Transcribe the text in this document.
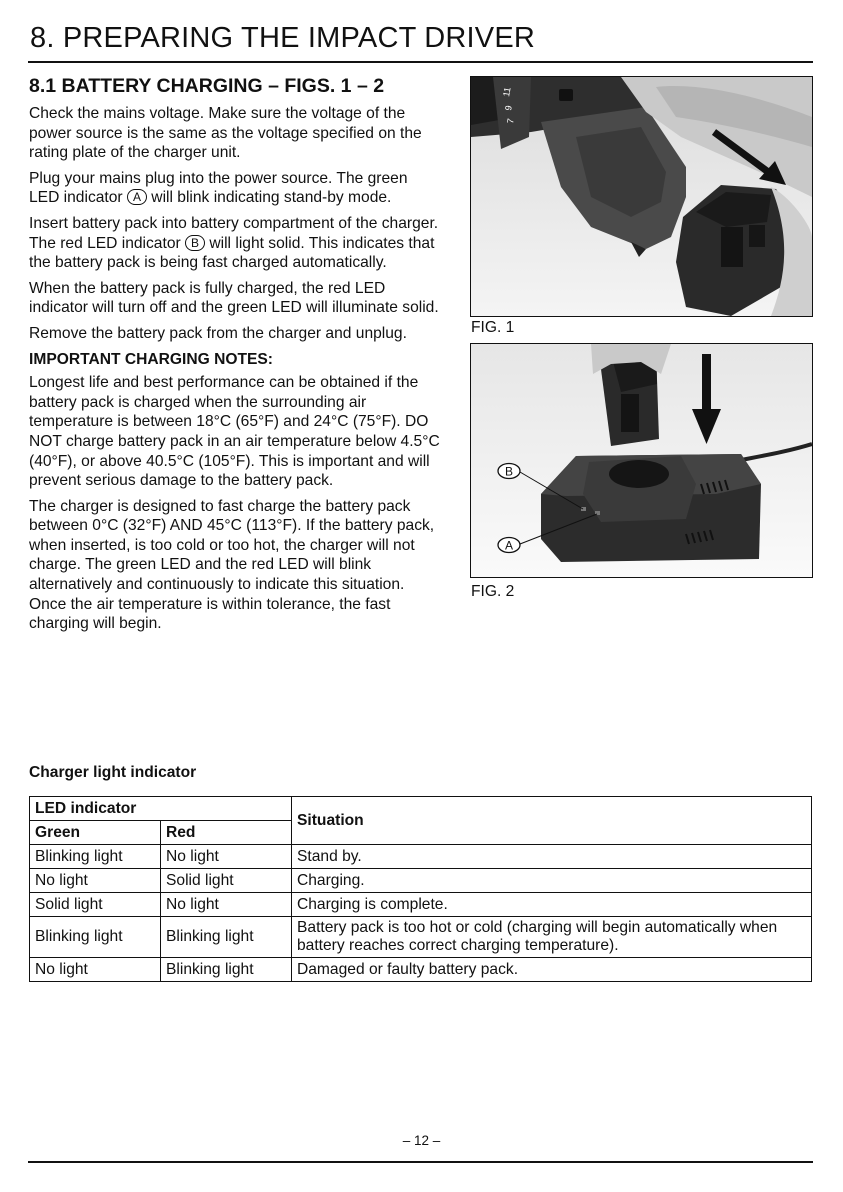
8. PREPARING THE IMPACT DRIVER
8.1 BATTERY CHARGING – FIGS. 1 – 2

Check the mains voltage. Make sure the voltage of the power source is the same as the voltage specified on the rating plate of the charger unit.

Plug your mains plug into the power source. The green LED indicator A will blink indicating stand-by mode.

Insert battery pack into battery compartment of the charger. The red LED indicator B will light solid. This indicates that the battery pack is being fast charged automatically.

When the battery pack is fully charged, the red LED indicator will turn off and the green LED will illuminate solid.

Remove the battery pack from the charger and unplug.

IMPORTANT CHARGING NOTES:

Longest life and best performance can be obtained if the battery pack is charged when the surrounding air temperature is between 18°C (65°F) and 24°C (75°F). DO NOT charge battery pack in an air temperature below 4.5°C (40°F), or above 40.5°C (105°F). This is important and will prevent serious damage to the battery pack.

The charger is designed to fast charge the battery pack between 0°C (32°F) AND 45°C (113°F). If the battery pack, when inserted, is too cold or too hot, the charger will not charge. The green LED and the red LED will blink alternatively and continuously to indicate this situation. Once the air temperature is within tolerance, the fast charging will begin.

11
9
7
FIG. 1
B
A
FIG. 2
Charger light indicator
LED indicator		Situation
Green	Red	
Blinking light	No light	Stand by.
No light	Solid light	Charging.
Solid light	No light	Charging is complete.
Blinking light	Blinking light	Battery pack is too hot or cold (charging will begin automatically when battery reaches correct charging temperature).
No light	Blinking light	Damaged or faulty battery pack.
– 12 –
